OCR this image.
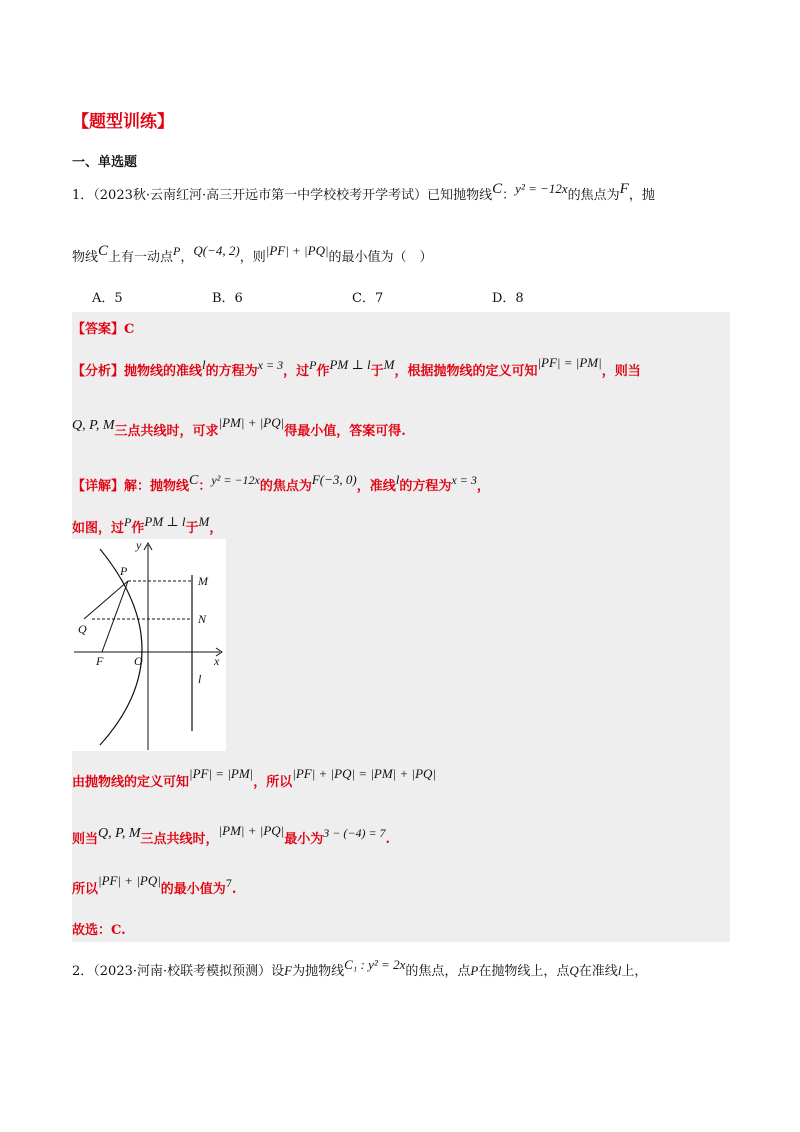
【题型训练】
一、单选题
1．（2023秋·云南红河·高三开远市第一中学校校考开学考试）已知抛物线C：y² = −12x的焦点为F，抛
物线C上有一动点P，Q(−4, 2)，则|PF| + |PQ|的最小值为（　）
A．5	B．6	C．7	D．8
【答案】C
【分析】抛物线的准线l的方程为x = 3，过P作PM ⊥ l于M，根据抛物线的定义可知|PF| = |PM|，则当
Q, P, M三点共线时，可求|PM| + |PQ|得最小值，答案可得.
【详解】解：抛物线C：y² = −12x的焦点为F(−3, 0)，准线l的方程为x = 3，
如图，过P作PM ⊥ l于M，
y
x
P
M
N
Q
F	O
l
由抛物线的定义可知|PF| = |PM|，所以|PF| + |PQ| = |PM| + |PQ|
则当Q, P, M三点共线时，|PM| + |PQ|最小为3 − (−4) = 7.
所以|PF| + |PQ|的最小值为7.
故选：C.
2．（2023·河南·校联考模拟预测）设F为抛物线C₁ : y² = 2x的焦点，点P在抛物线上，点Q在准线l上，
